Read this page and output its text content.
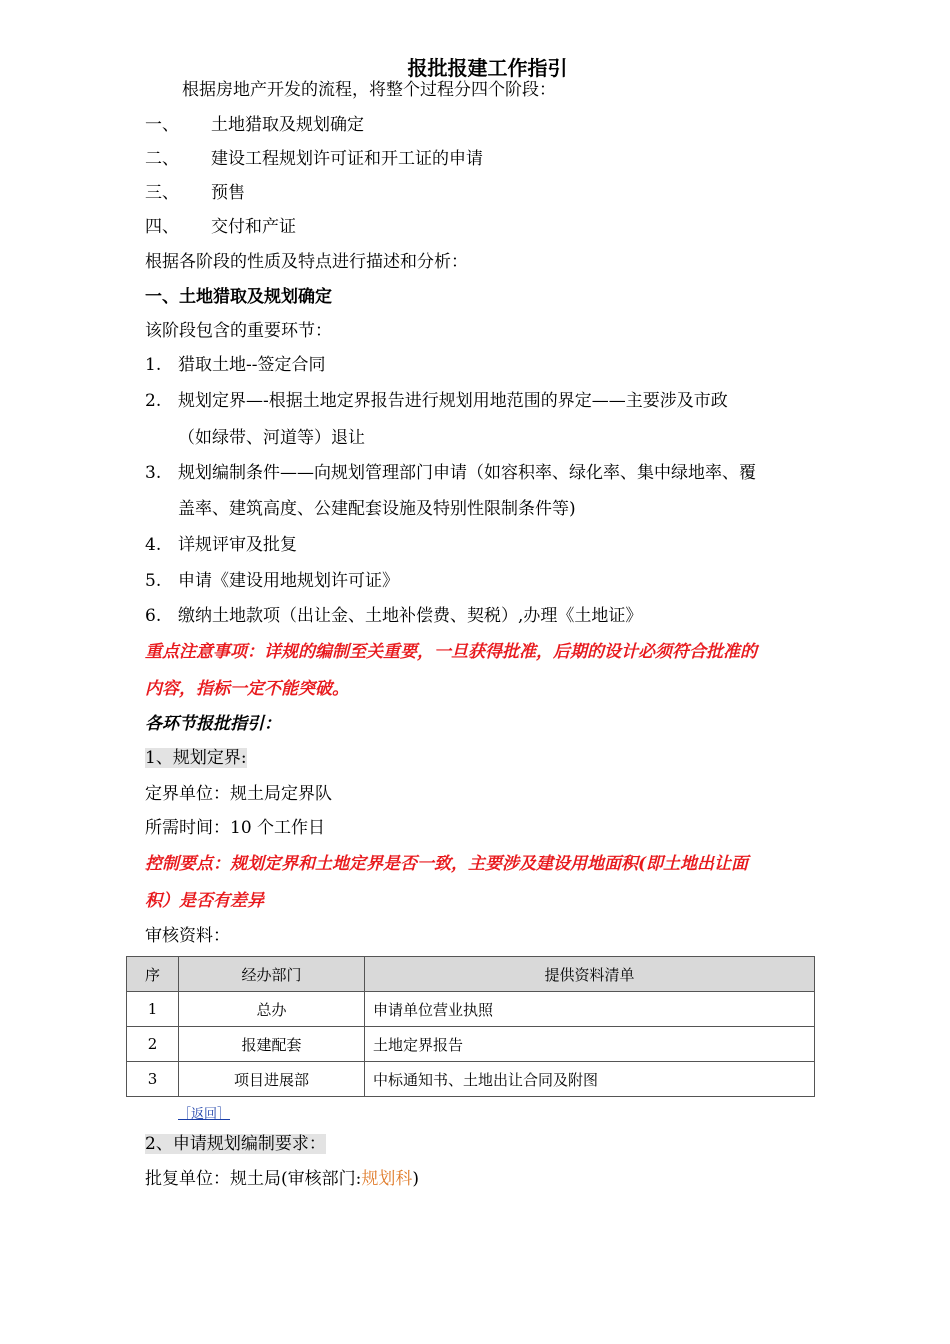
报批报建工作指引
根据房地产开发的流程，将整个过程分四个阶段：
一、 土地猎取及规划确定
二、 建设工程规划许可证和开工证的申请
三、 预售
四、 交付和产证
根据各阶段的性质及特点进行描述和分析：
一、土地猎取及规划确定
该阶段包含的重要环节：
1. 猎取土地--签定合同
2. 规划定界—-根据土地定界报告进行规划用地范围的界定——主要涉及市政
（如绿带、河道等）退让
3. 规划编制条件——向规划管理部门申请（如容积率、绿化率、集中绿地率、覆
盖率、建筑高度、公建配套设施及特别性限制条件等)
4. 详规评审及批复
5. 申请《建设用地规划许可证》
6. 缴纳土地款项（出让金、土地补偿费、契税）,办理《土地证》
重点注意事项：详规的编制至关重要，一旦获得批准，后期的设计必须符合批准的
内容，指标一定不能突破。
各环节报批指引：
1、规划定界:
定界单位：规土局定界队
所需时间：10 个工作日
控制要点：规划定界和土地定界是否一致，主要涉及建设用地面积(即土地出让面
积）是否有差异
审核资料：
序	经办部门	提供资料清单
1	总办	申请单位营业执照
2	报建配套	土地定界报告
3	项目进展部	中标通知书、土地出让合同及附图
［返回］
2、申请规划编制要求：
批复单位：规土局(审核部门:规划科)
